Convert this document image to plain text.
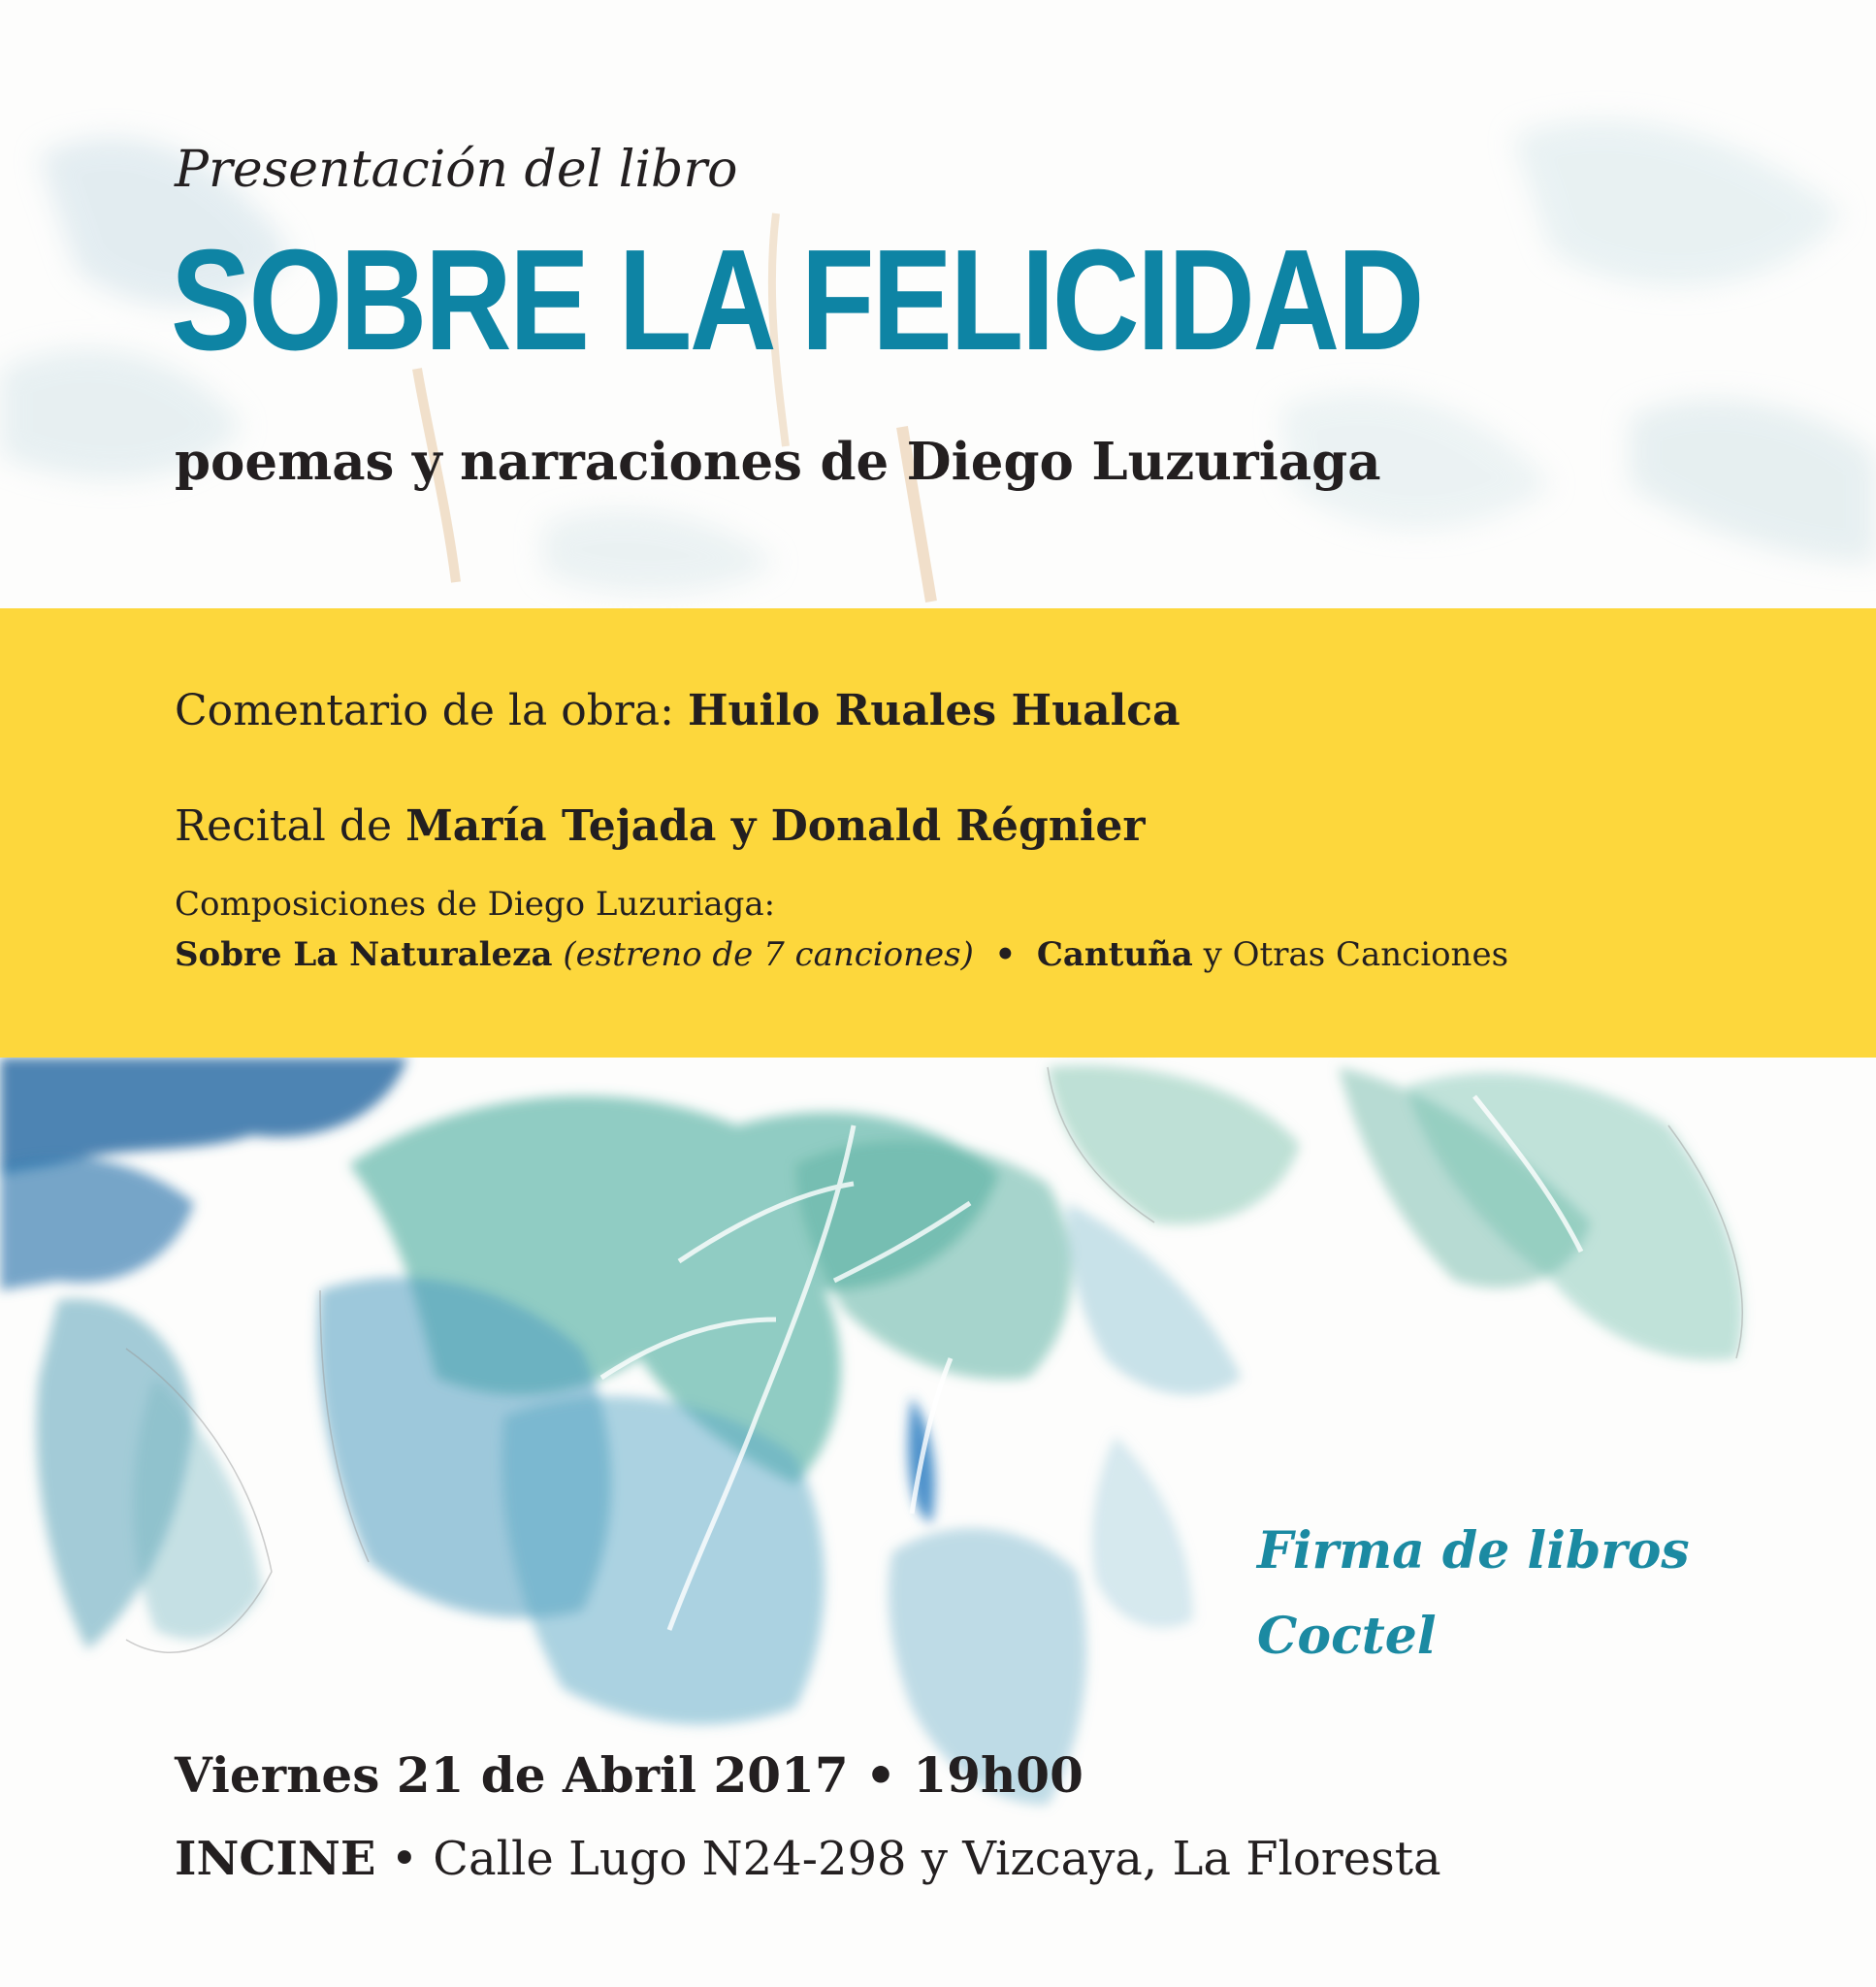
Presentación del libro

SOBRE LA FELICIDAD

poemas y narraciones de Diego Luzuriaga

Comentario de la obra: Huilo Ruales Hualca

Recital de María Tejada y Donald Régnier

Composiciones de Diego Luzuriaga:

Sobre La Naturaleza (estreno de 7 canciones) • Cantuña y Otras Canciones

Firma de libros
Coctel

Viernes 21 de Abril 2017 • 19h00

INCINE • Calle Lugo N24-298 y Vizcaya, La Floresta
